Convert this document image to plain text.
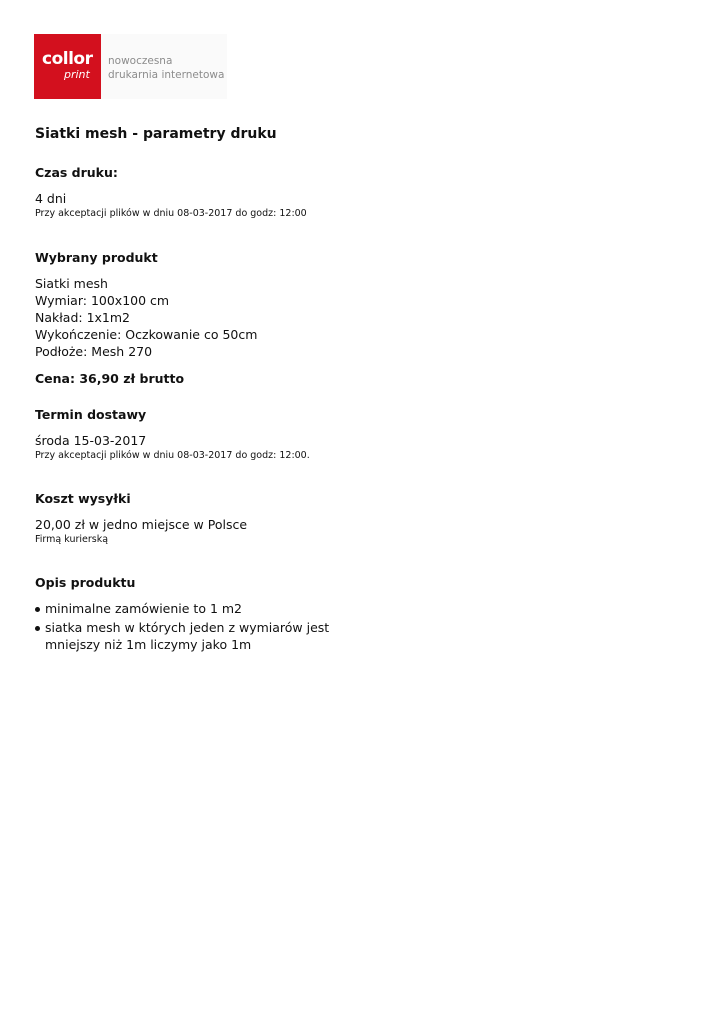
collor
print
nowoczesna
drukarnia internetowa
Siatki mesh - parametry druku
Czas druku:
4 dni
Przy akceptacji plików w dniu 08-03-2017 do godz: 12:00
Wybrany produkt
Siatki mesh
Wymiar: 100x100 cm
Nakład: 1x1m2
Wykończenie: Oczkowanie co 50cm
Podłoże: Mesh 270
Cena: 36,90 zł brutto
Termin dostawy
środa 15-03-2017
Przy akceptacji plików w dniu 08-03-2017 do godz: 12:00.
Koszt wysyłki
20,00 zł w jedno miejsce w Polsce
Firmą kurierską
Opis produktu
minimalne zamówienie to 1 m2
siatka mesh w których jeden z wymiarów jest mniejszy niż 1m liczymy jako 1m
